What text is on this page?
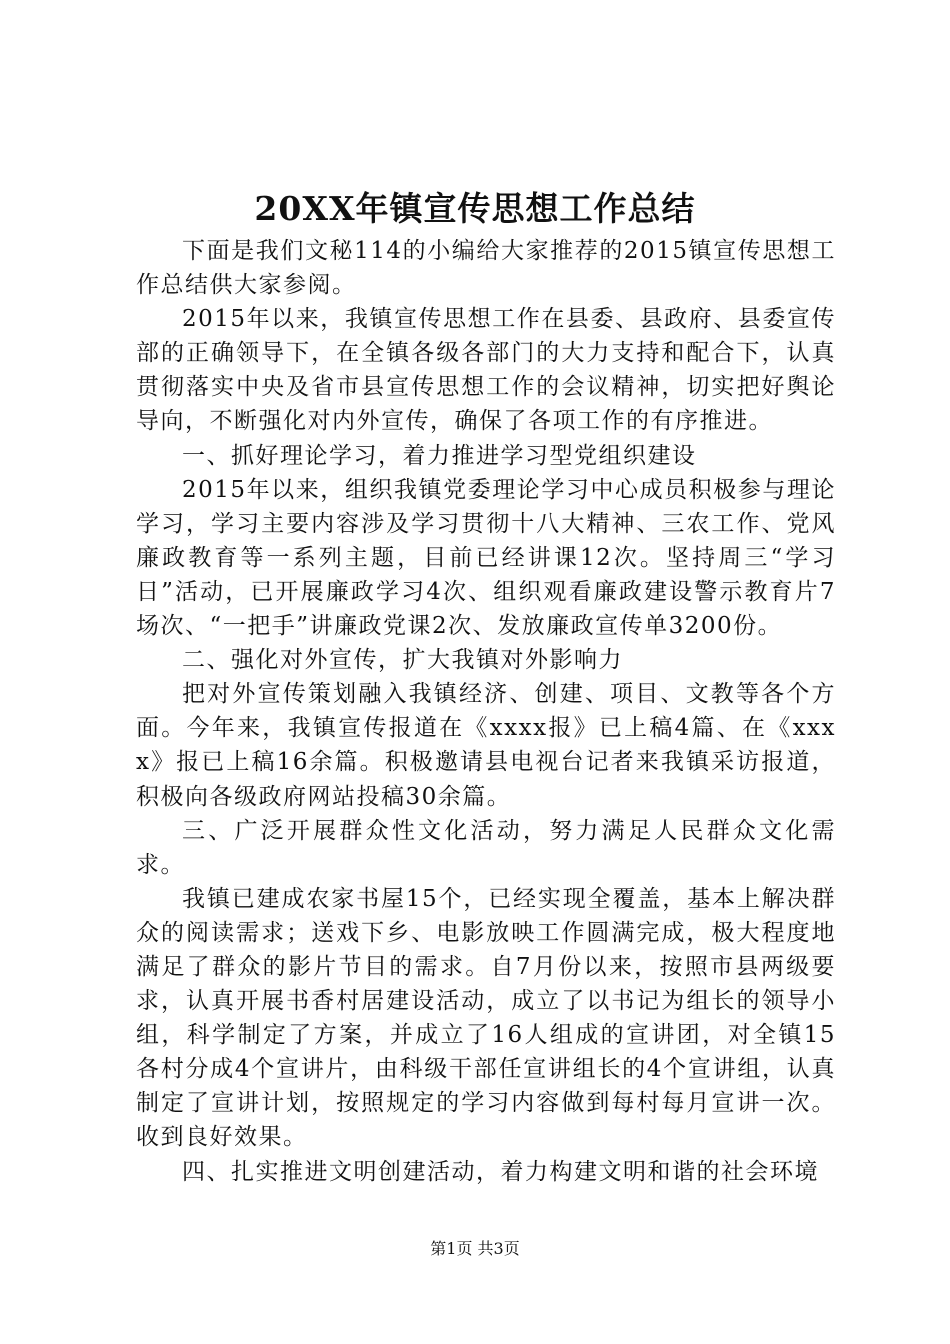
20XX年镇宣传思想工作总结

下面是我们文秘114的小编给大家推荐的2015镇宣传思想工作总结供大家参阅。

2015年以来，我镇宣传思想工作在县委、县政府、县委宣传部的正确领导下，在全镇各级各部门的大力支持和配合下，认真贯彻落实中央及省市县宣传思想工作的会议精神，切实把好舆论导向，不断强化对内外宣传，确保了各项工作的有序推进。

一、抓好理论学习，着力推进学习型党组织建设

2015年以来，组织我镇党委理论学习中心成员积极参与理论学习，学习主要内容涉及学习贯彻十八大精神、三农工作、党风廉政教育等一系列主题，目前已经讲课12次。坚持周三“学习日”活动，已开展廉政学习4次、组织观看廉政建设警示教育片7场次、“一把手”讲廉政党课2次、发放廉政宣传单3200份。

二、强化对外宣传，扩大我镇对外影响力

把对外宣传策划融入我镇经济、创建、项目、文教等各个方面。今年来，我镇宣传报道在《xxxx报》已上稿4篇、在《xxxx》报已上稿16余篇。积极邀请县电视台记者来我镇采访报道，积极向各级政府网站投稿30余篇。

三、广泛开展群众性文化活动，努力满足人民群众文化需求。

我镇已建成农家书屋15个，已经实现全覆盖，基本上解决群众的阅读需求；送戏下乡、电影放映工作圆满完成，极大程度地满足了群众的影片节目的需求。自7月份以来，按照市县两级要求，认真开展书香村居建设活动，成立了以书记为组长的领导小组，科学制定了方案，并成立了16人组成的宣讲团，对全镇15各村分成4个宣讲片，由科级干部任宣讲组长的4个宣讲组，认真制定了宣讲计划，按照规定的学习内容做到每村每月宣讲一次。收到良好效果。

四、扎实推进文明创建活动，着力构建文明和谐的社会环境

第1页 共3页
